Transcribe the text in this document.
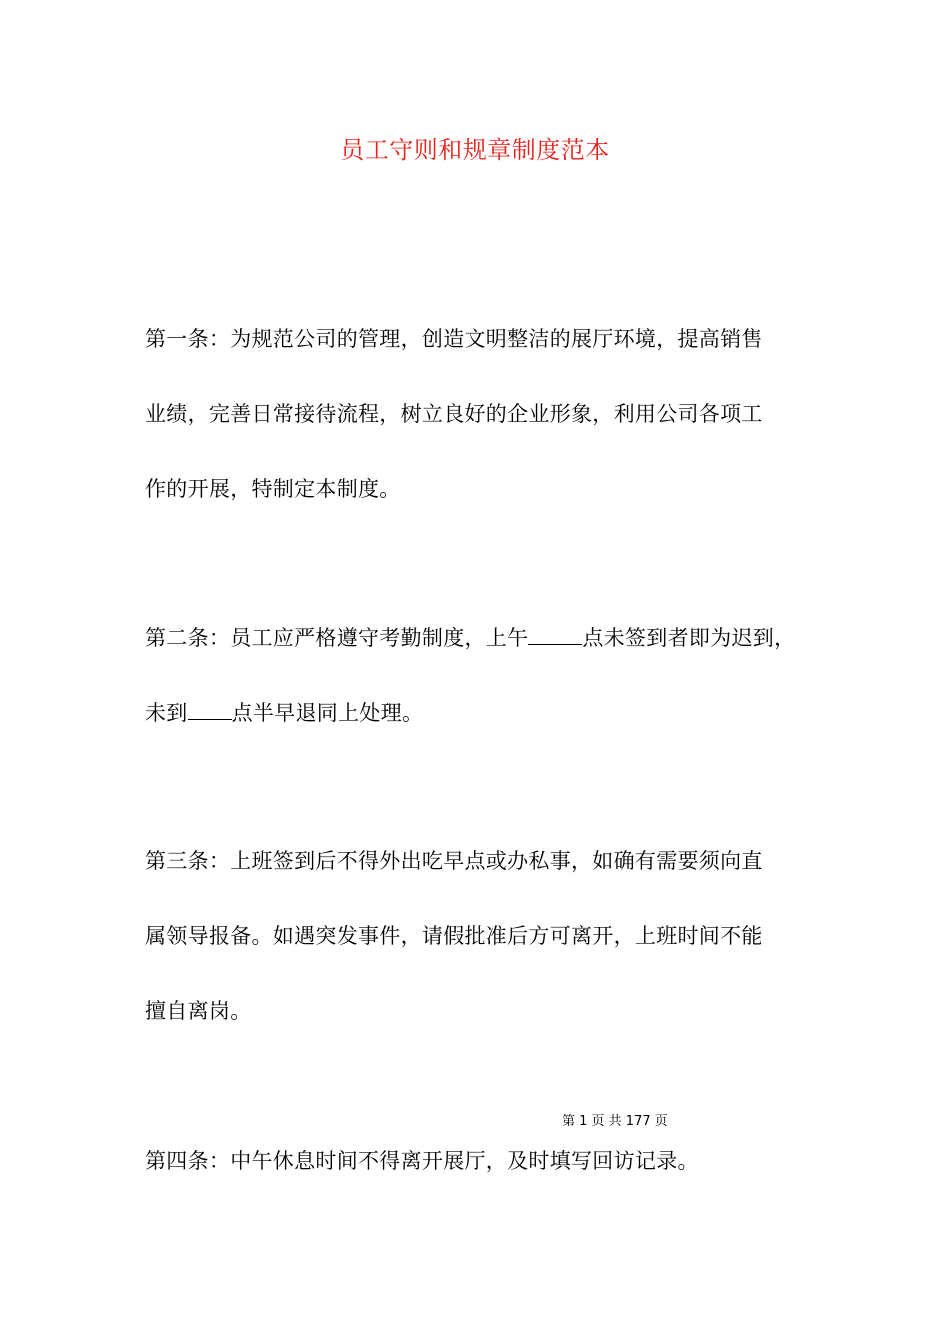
员工守则和规章制度范本
第一条：为规范公司的管理，创造文明整洁的展厅环境，提高销售
业绩，完善日常接待流程，树立良好的企业形象，利用公司各项工
作的开展，特制定本制度。
第二条：员工应严格遵守考勤制度，上午	点未签到者即为迟到，
未到 点半早退同上处理。
第三条：上班签到后不得外出吃早点或办私事，如确有需要须向直
属领导报备。如遇突发事件，请假批准后方可离开，上班时间不能
擅自离岗。
第 1 页 共 177 页
第四条：中午休息时间不得离开展厅，及时填写回访记录。
